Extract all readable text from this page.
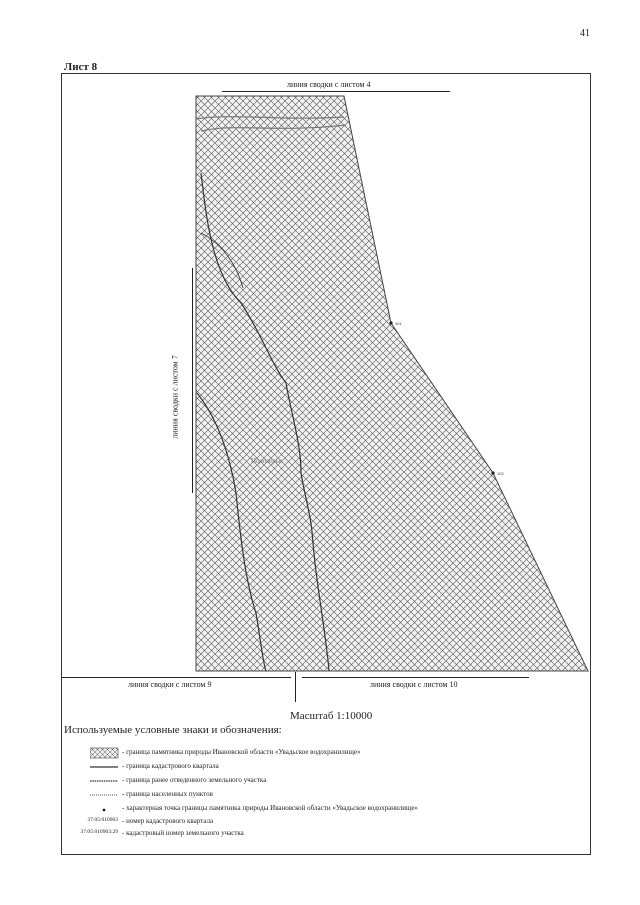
41
Лист 8
101
102
Подозерье
линия сводки с листом 4
линия сводки с листом 7
линия сводки с листом 9	линия сводки с листом 10
Масштаб 1:10000
Используемые условные знаки и обозначения:
- граница памятника природы Ивановской области «Увадьское водохранилище»
- граница кадастрового квартала
- граница ранее отведенного земельного участка
- граница населенных пунктов
- характерная точка границы памятника природы Ивановской области «Увадьское водохранилище»
37:05:010903 - номер кадастрового квартала
37:05:010903:29 - кадастровый номер земельного участка
